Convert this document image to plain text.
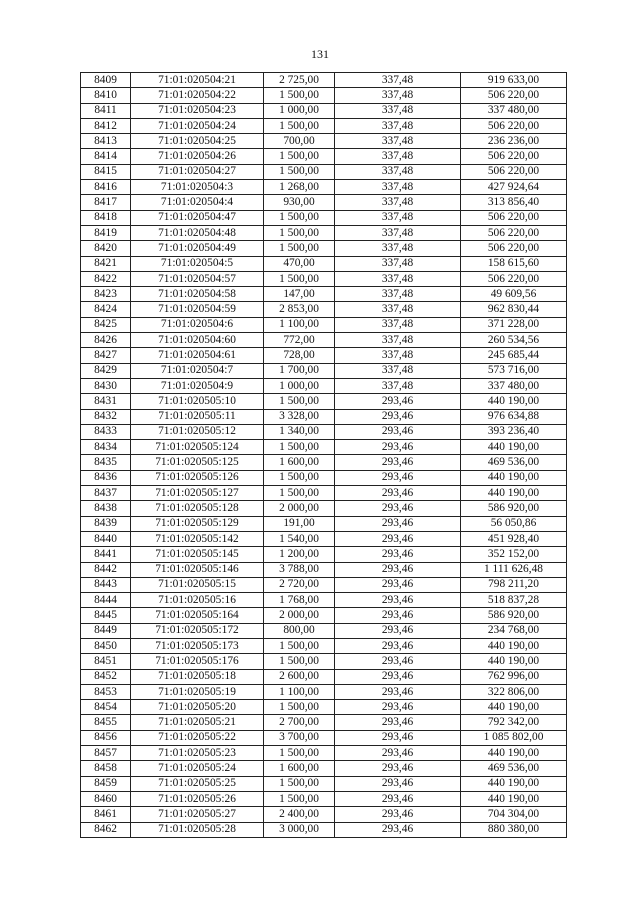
131
8409	71:01:020504:21	2 725,00	337,48	919 633,00
8410	71:01:020504:22	1 500,00	337,48	506 220,00
8411	71:01:020504:23	1 000,00	337,48	337 480,00
8412	71:01:020504:24	1 500,00	337,48	506 220,00
8413	71:01:020504:25	700,00	337,48	236 236,00
8414	71:01:020504:26	1 500,00	337,48	506 220,00
8415	71:01:020504:27	1 500,00	337,48	506 220,00
8416	71:01:020504:3	1 268,00	337,48	427 924,64
8417	71:01:020504:4	930,00	337,48	313 856,40
8418	71:01:020504:47	1 500,00	337,48	506 220,00
8419	71:01:020504:48	1 500,00	337,48	506 220,00
8420	71:01:020504:49	1 500,00	337,48	506 220,00
8421	71:01:020504:5	470,00	337,48	158 615,60
8422	71:01:020504:57	1 500,00	337,48	506 220,00
8423	71:01:020504:58	147,00	337,48	49 609,56
8424	71:01:020504:59	2 853,00	337,48	962 830,44
8425	71:01:020504:6	1 100,00	337,48	371 228,00
8426	71:01:020504:60	772,00	337,48	260 534,56
8427	71:01:020504:61	728,00	337,48	245 685,44
8429	71:01:020504:7	1 700,00	337,48	573 716,00
8430	71:01:020504:9	1 000,00	337,48	337 480,00
8431	71:01:020505:10	1 500,00	293,46	440 190,00
8432	71:01:020505:11	3 328,00	293,46	976 634,88
8433	71:01:020505:12	1 340,00	293,46	393 236,40
8434	71:01:020505:124	1 500,00	293,46	440 190,00
8435	71:01:020505:125	1 600,00	293,46	469 536,00
8436	71:01:020505:126	1 500,00	293,46	440 190,00
8437	71:01:020505:127	1 500,00	293,46	440 190,00
8438	71:01:020505:128	2 000,00	293,46	586 920,00
8439	71:01:020505:129	191,00	293,46	56 050,86
8440	71:01:020505:142	1 540,00	293,46	451 928,40
8441	71:01:020505:145	1 200,00	293,46	352 152,00
8442	71:01:020505:146	3 788,00	293,46	1 111 626,48
8443	71:01:020505:15	2 720,00	293,46	798 211,20
8444	71:01:020505:16	1 768,00	293,46	518 837,28
8445	71:01:020505:164	2 000,00	293,46	586 920,00
8449	71:01:020505:172	800,00	293,46	234 768,00
8450	71:01:020505:173	1 500,00	293,46	440 190,00
8451	71:01:020505:176	1 500,00	293,46	440 190,00
8452	71:01:020505:18	2 600,00	293,46	762 996,00
8453	71:01:020505:19	1 100,00	293,46	322 806,00
8454	71:01:020505:20	1 500,00	293,46	440 190,00
8455	71:01:020505:21	2 700,00	293,46	792 342,00
8456	71:01:020505:22	3 700,00	293,46	1 085 802,00
8457	71:01:020505:23	1 500,00	293,46	440 190,00
8458	71:01:020505:24	1 600,00	293,46	469 536,00
8459	71:01:020505:25	1 500,00	293,46	440 190,00
8460	71:01:020505:26	1 500,00	293,46	440 190,00
8461	71:01:020505:27	2 400,00	293,46	704 304,00
8462	71:01:020505:28	3 000,00	293,46	880 380,00
